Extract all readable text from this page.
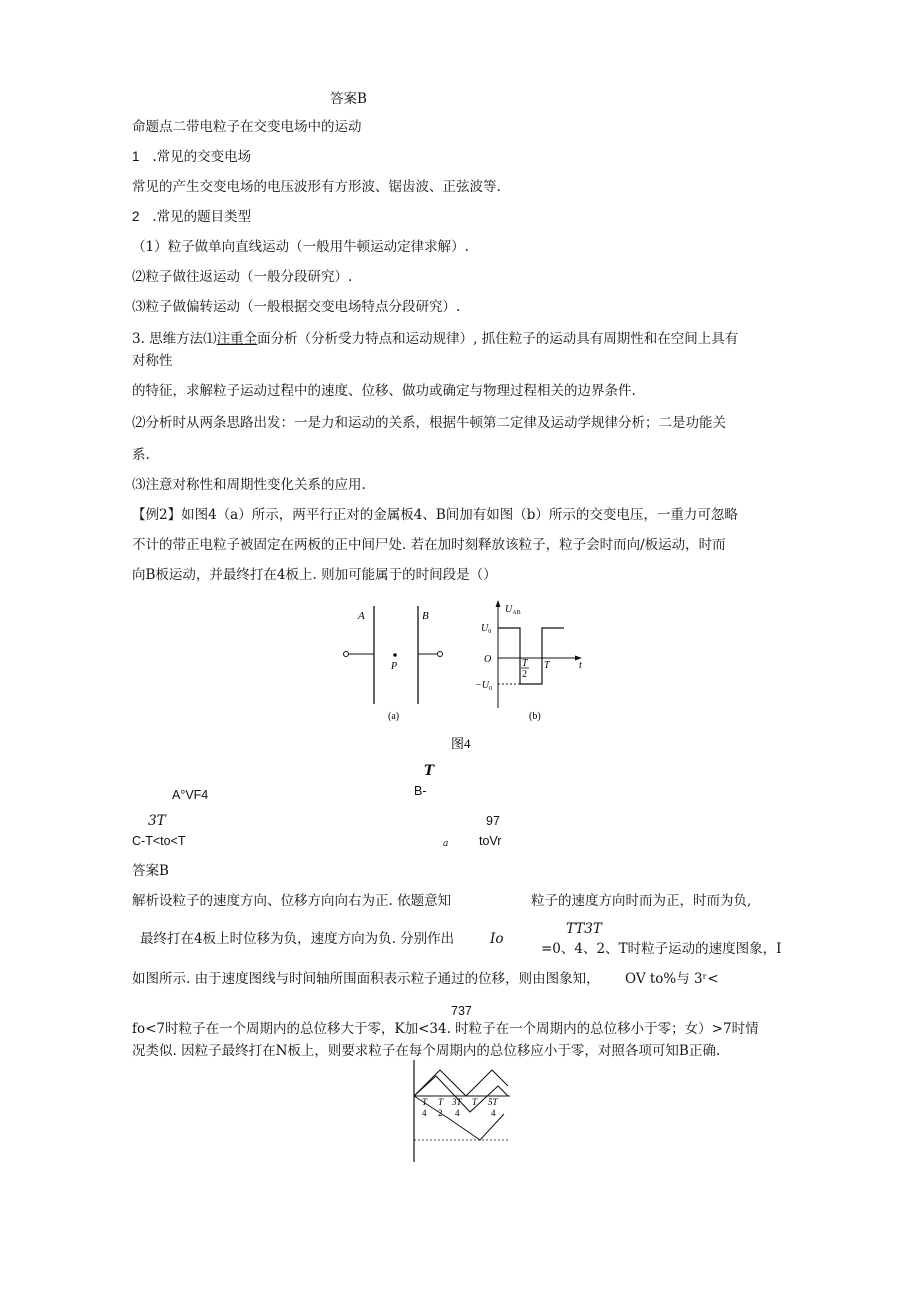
答案B
命题点二带电粒子在交变电场中的运动
1 .常见的交变电场
常见的产生交变电场的电压波形有方形波、锯齿波、正弦波等.
2 .常见的题目类型
（1）粒子做单向直线运动（一般用牛顿运动定律求解）.
⑵粒子做往返运动（一般分段研究）.
⑶粒子做偏转运动（一般根据交变电场特点分段研究）.
3. 思维方法⑴注重全面分析（分析受力特点和运动规律）, 抓住粒子的运动具有周期性和在空间上具有
对称性
的特征，求解粒子运动过程中的速度、位移、做功或确定与物理过程相关的边界条件.
⑵分析时从两条思路出发：一是力和运动的关系，根据牛顿第二定律及运动学规律分析；二是功能关
系.
⑶注意对称性和周期性变化关系的应用.
【例2】如图4（a）所示，两平行正对的金属板4、B间加有如图（b）所示的交变电压，一重力可忽略
不计的带正电粒子被固定在两板的正中间尸处. 若在加时刻释放该粒子，粒子会时而向/板运动，时而
向B板运动，并最终打在4板上. 则加可能属于的时间段是（）
A	B
P
(a)
$U_{AB}$
$U_0$
O
$-U_0$
T
2
T	t
(b)
图4
T
B-
A°VF4
3T	97
C-T<to<T	a toVr
答案B
解析设粒子的速度方向、位移方向向右为正. 依题意知	粒子的速度方向时而为正，时而为负,
TT3T
最终打在4板上时位移为负，速度方向为负. 分别作出	Io
=0、4、2、T时粒子运动的速度图象，I
如图所示. 由于速度图线与时间轴所围面积表示粒子通过的位移，则由图象知， OV to%与 3ʳ<
737
fo<7时粒子在一个周期内的总位移大于零，K加<34. 时粒子在一个周期内的总位移小于零；女）>7时情
况类似. 因粒子最终打在N板上，则要求粒子在每个周期内的总位移应小于零，对照各项可知B正确.
T
4
T
2
3T
4
T 5T
4
